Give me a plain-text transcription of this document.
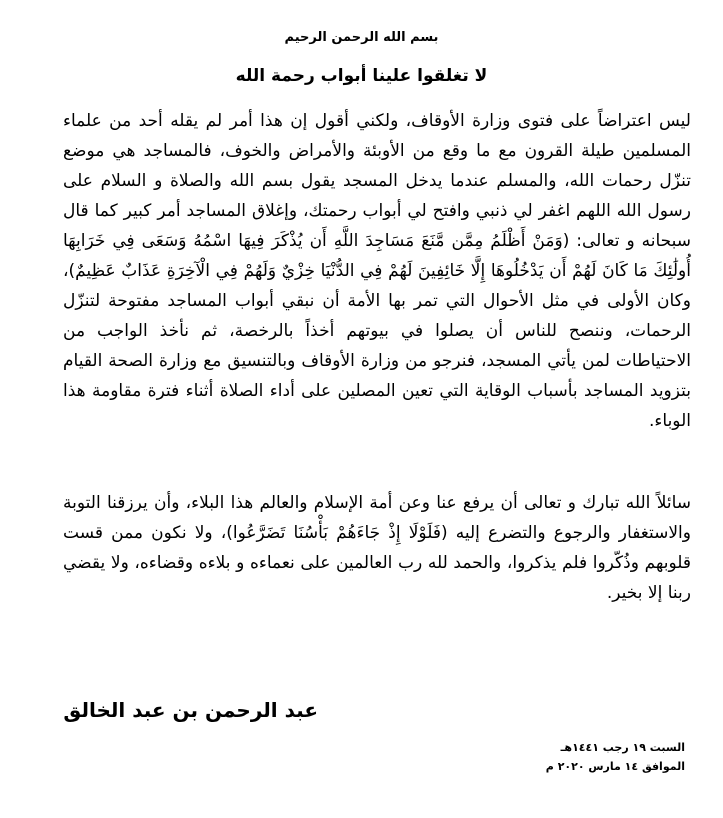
بسم الله الرحمن الرحيم

لا تغلقوا علينا أبواب رحمة الله

ليس اعتراضاً على فتوى وزارة الأوقاف، ولكني أقول إن هذا أمر لم يقله أحد من علماء المسلمين طيلة القرون مع ما وقع من الأوبئة والأمراض والخوف، فالمساجد هي موضع تنزّل رحمات الله، والمسلم عندما يدخل المسجد يقول بسم الله والصلاة و السلام على رسول الله اللهم اغفر لي ذنبي وافتح لي أبواب رحمتك، وإغلاق المساجد أمر كبير كما قال سبحانه و تعالى: (وَمَنْ أَظْلَمُ مِمَّن مَّنَعَ مَسَاجِدَ اللَّهِ أَن يُذْكَرَ فِيهَا اسْمُهُ وَسَعَى فِي خَرَابِهَا أُولَٰئِكَ مَا كَانَ لَهُمْ أَن يَدْخُلُوهَا إِلَّا خَائِفِينَ لَهُمْ فِي الدُّنْيَا خِزْيٌ وَلَهُمْ فِي الْآخِرَةِ عَذَابٌ عَظِيمٌ)، وكان الأولى في مثل الأحوال التي تمر بها الأمة أن نبقي أبواب المساجد مفتوحة لتنزّل الرحمات، وننصح للناس أن يصلوا في بيوتهم أخذاً بالرخصة، ثم نأخذ الواجب من الاحتياطات لمن يأتي المسجد، فنرجو من وزارة الأوقاف وبالتنسيق مع وزارة الصحة القيام بتزويد المساجد بأسباب الوقاية التي تعين المصلين على أداء الصلاة أثناء فترة مقاومة هذا الوباء.

سائلاً الله تبارك و تعالى أن يرفع عنا وعن أمة الإسلام والعالم هذا البلاء، وأن يرزقنا التوبة والاستغفار والرجوع والتضرع إليه (فَلَوْلَا إِذْ جَاءَهُمْ بَأْسُنَا تَضَرَّعُوا)، ولا نكون ممن قست قلوبهم وذُكّروا فلم يذكروا، والحمد لله رب العالمين على نعماءه و بلاءه وقضاءه، ولا يقضي ربنا إلا بخير.

عبد الرحمن بن عبد الخالق

السبت ١٩ رجب ١٤٤١هـ
الموافق ١٤ مارس ٢٠٢٠ م
